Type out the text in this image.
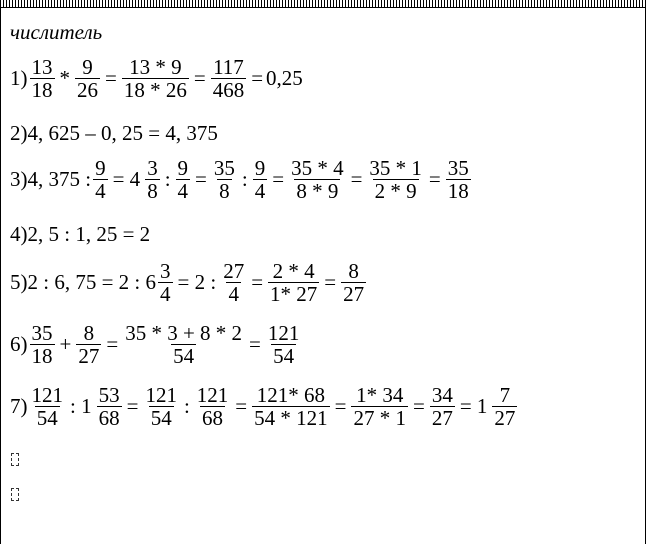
числитель
$1) \frac{13}{18} * \frac{9}{26} = \frac{13 * 9}{18 * 26} = \frac{117}{468} = 0,25$
2)4, 625 – 0, 25 = 4, 375
3) 4, 375 : $\frac{9}{4} = 4 \frac{3}{8}$ : $\frac{9}{4} = \frac{35}{8}$ : $\frac{9}{4} = \frac{35 * 4}{8 * 9} = \frac{35 * 1}{2 * 9} = \frac{35}{18}$
4)2, 5 : 1, 25 = 2
5) 2 : 6, 75 = 2 : $6 \frac{3}{4} = 2$ : $\frac{27}{4} = \frac{2 * 4}{1* 27} = \frac{8}{27}$
$6) \frac{35}{18} + \frac{8}{27} = \frac{35 * 3 + 8 * 2}{54} = \frac{121}{54}$
$7) \frac{121}{54}$ : $1 \frac{53}{68} = \frac{121}{54}$ : $\frac{121}{68} = \frac{121* 68}{54 * 121} = \frac{1* 34}{27 * 1} = \frac{34}{27} = 1 \frac{7}{27}$
